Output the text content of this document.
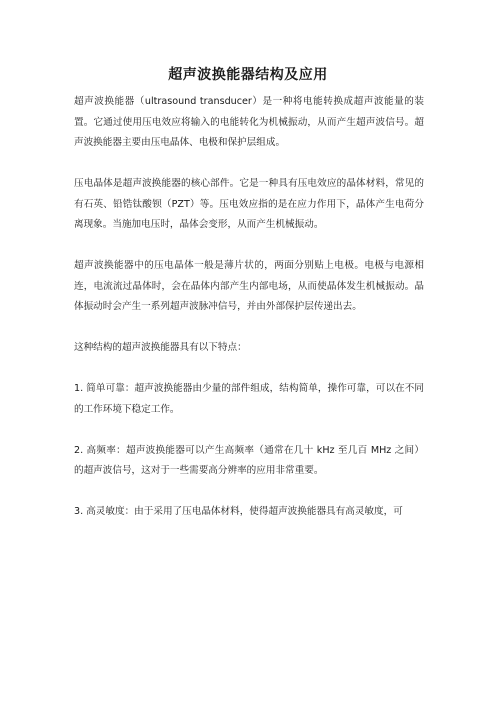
超声波换能器结构及应用

超声波换能器（ultrasound transducer）是一种将电能转换成超声波能量的装置。它通过使用压电效应将输入的电能转化为机械振动，从而产生超声波信号。超声波换能器主要由压电晶体、电极和保护层组成。

压电晶体是超声波换能器的核心部件。它是一种具有压电效应的晶体材料，常见的有石英、铅锆钛酸钡（PZT）等。压电效应指的是在应力作用下，晶体产生电荷分离现象。当施加电压时，晶体会变形，从而产生机械振动。

超声波换能器中的压电晶体一般是薄片状的，两面分别贴上电极。电极与电源相连，电流流过晶体时，会在晶体内部产生内部电场，从而使晶体发生机械振动。晶体振动时会产生一系列超声波脉冲信号，并由外部保护层传递出去。

这种结构的超声波换能器具有以下特点：

1. 简单可靠：超声波换能器由少量的部件组成，结构简单，操作可靠，可以在不同的工作环境下稳定工作。

2. 高频率：超声波换能器可以产生高频率（通常在几十 kHz 至几百 MHz 之间）的超声波信号，这对于一些需要高分辨率的应用非常重要。

3. 高灵敏度：由于采用了压电晶体材料，使得超声波换能器具有高灵敏度，可
